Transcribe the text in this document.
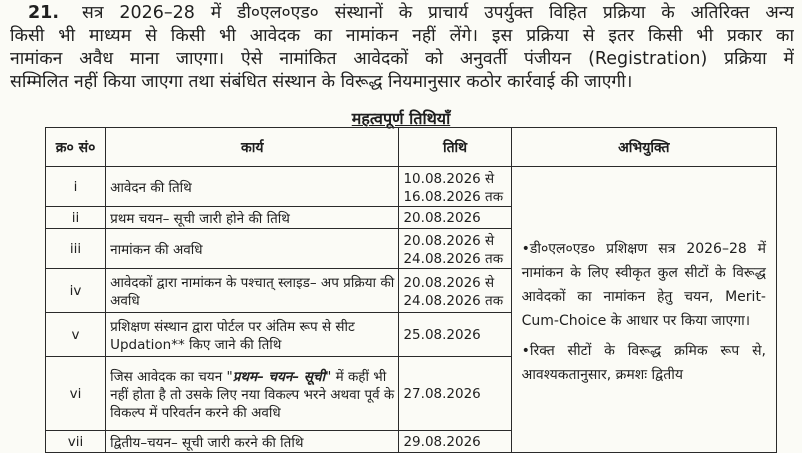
21. सत्र 2026–28 में डी०एल०एड० संस्थानों के प्राचार्य उपर्युक्त विहित प्रक्रिया के अतिरिक्त अन्य
किसी भी माध्यम से किसी भी आवेदक का नामांकन नहीं लेंगे। इस प्रक्रिया से इतर किसी भी प्रकार का
नामांकन अवैध माना जाएगा। ऐसे नामांकित आवेदकों को अनुवर्ती पंजीयन (Registration) प्रक्रिया में
सम्मिलित नहीं किया जाएगा तथा संबंधित संस्थान के विरूद्ध नियमानुसार कठोर कार्रवाई की जाएगी।
महत्वपूर्ण तिथियाँ
क्र० सं०	कार्य	तिथि	अभियुक्ति
i	आवेदन की तिथि	10.08.2026 से 16.08.2026 तक	•डी०एल०एड० प्रशिक्षण सत्र 2026–28 में नामांकन के लिए स्वीकृत कुल सीटों के विरूद्ध आवेदकों का नामांकन हेतु चयन, Merit-Cum-Choice के आधार पर किया जाएगा।

•रिक्त सीटों के विरूद्ध क्रमिक रूप से, आवश्यकतानुसार, क्रमशः द्वितीय

ii	प्रथम चयन– सूची जारी होने की तिथि	20.08.2026	
iii	नामांकन की अवधि	20.08.2026 से 24.08.2026 तक	
iv	आवेदकों द्वारा नामांकन के पश्चात् स्लाइड– अप प्रक्रिया की अवधि	20.08.2026 से 24.08.2026 तक	
v	प्रशिक्षण संस्थान द्वारा पोर्टल पर अंतिम रूप से सीट Updation** किए जाने की तिथि	25.08.2026	
vi	जिस आवेदक का चयन "प्रथम– चयन– सूची" में कहीं भी नहीं होता है तो उसके लिए नया विकल्प भरने अथवा पूर्व के विकल्प में परिवर्तन करने की अवधि	27.08.2026	
vii	द्वितीय–चयन– सूची जारी करने की तिथि	29.08.2026	
